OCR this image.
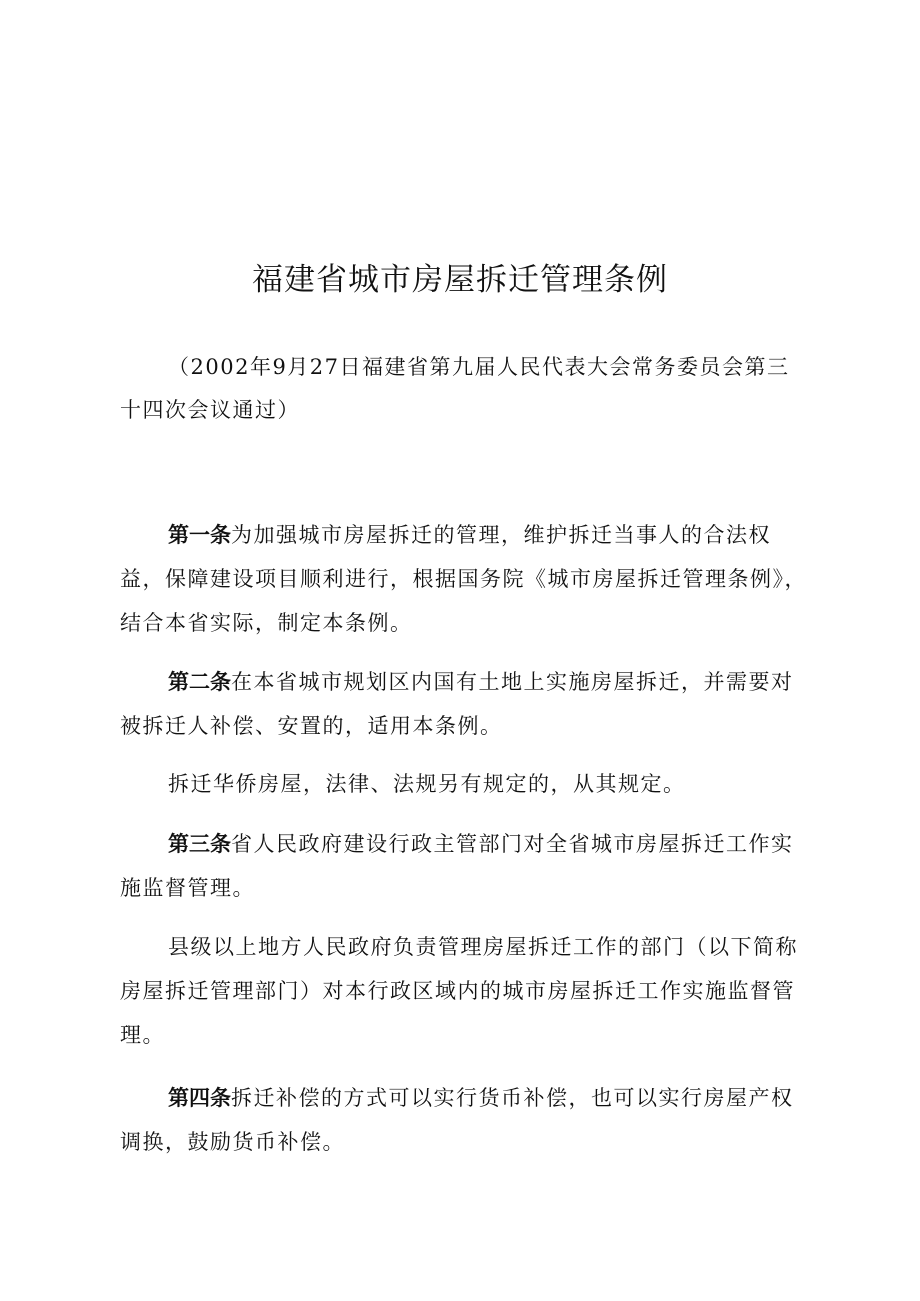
福建省城市房屋拆迁管理条例
（2002年9月27日福建省第九届人民代表大会常务委员会第三十四次会议通过）

第一条为加强城市房屋拆迁的管理，维护拆迁当事人的合法权益，保障建设项目顺利进行，根据国务院《城市房屋拆迁管理条例》，结合本省实际，制定本条例。

第二条在本省城市规划区内国有土地上实施房屋拆迁，并需要对被拆迁人补偿、安置的，适用本条例。

拆迁华侨房屋，法律、法规另有规定的，从其规定。

第三条省人民政府建设行政主管部门对全省城市房屋拆迁工作实施监督管理。

县级以上地方人民政府负责管理房屋拆迁工作的部门（以下简称房屋拆迁管理部门）对本行政区域内的城市房屋拆迁工作实施监督管理。

第四条拆迁补偿的方式可以实行货币补偿，也可以实行房屋产权调换，鼓励货币补偿。
